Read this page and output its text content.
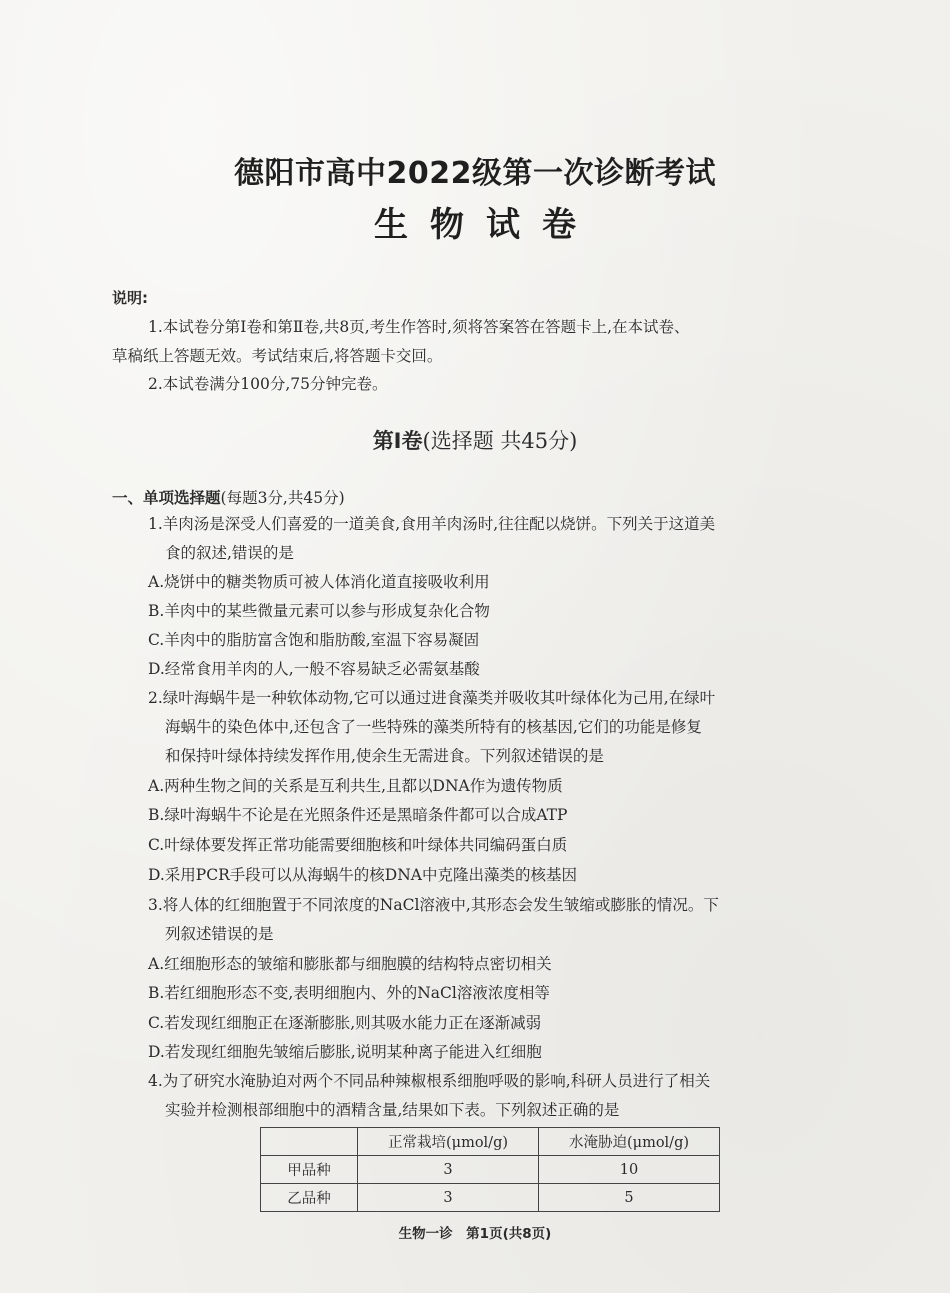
德阳市高中2022级第一次诊断考试
生物试卷
说明:
1.本试卷分第Ⅰ卷和第Ⅱ卷,共8页,考生作答时,须将答案答在答题卡上,在本试卷、
草稿纸上答题无效。考试结束后,将答题卡交回。
2.本试卷满分100分,75分钟完卷。
第Ⅰ卷(选择题 共45分)
一、单项选择题(每题3分,共45分)
1.羊肉汤是深受人们喜爱的一道美食,食用羊肉汤时,往往配以烧饼。下列关于这道美
食的叙述,错误的是
A.烧饼中的糖类物质可被人体消化道直接吸收利用
B.羊肉中的某些微量元素可以参与形成复杂化合物
C.羊肉中的脂肪富含饱和脂肪酸,室温下容易凝固
D.经常食用羊肉的人,一般不容易缺乏必需氨基酸
2.绿叶海蜗牛是一种软体动物,它可以通过进食藻类并吸收其叶绿体化为己用,在绿叶
海蜗牛的染色体中,还包含了一些特殊的藻类所特有的核基因,它们的功能是修复
和保持叶绿体持续发挥作用,使余生无需进食。下列叙述错误的是
A.两种生物之间的关系是互利共生,且都以DNA作为遗传物质
B.绿叶海蜗牛不论是在光照条件还是黑暗条件都可以合成ATP
C.叶绿体要发挥正常功能需要细胞核和叶绿体共同编码蛋白质
D.采用PCR手段可以从海蜗牛的核DNA中克隆出藻类的核基因
3.将人体的红细胞置于不同浓度的NaCl溶液中,其形态会发生皱缩或膨胀的情况。下
列叙述错误的是
A.红细胞形态的皱缩和膨胀都与细胞膜的结构特点密切相关
B.若红细胞形态不变,表明细胞内、外的NaCl溶液浓度相等
C.若发现红细胞正在逐渐膨胀,则其吸水能力正在逐渐减弱
D.若发现红细胞先皱缩后膨胀,说明某种离子能进入红细胞
4.为了研究水淹胁迫对两个不同品种辣椒根系细胞呼吸的影响,科研人员进行了相关
实验并检测根部细胞中的酒精含量,结果如下表。下列叙述正确的是
	正常栽培(μmol/g)	水淹胁迫(μmol/g)
甲品种	3	10
乙品种	3	5
生物一诊　第1页(共8页)
